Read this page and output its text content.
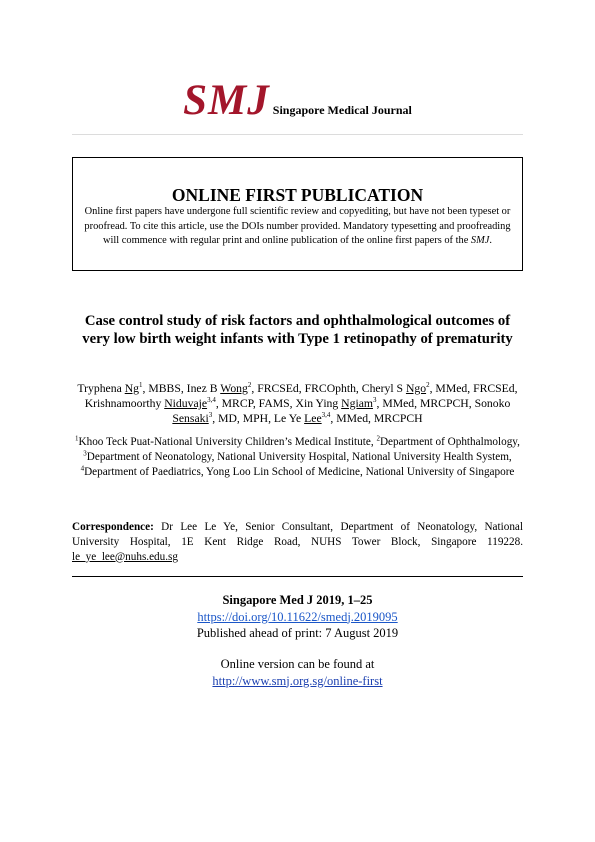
SMJ Singapore Medical Journal
ONLINE FIRST PUBLICATION
Online first papers have undergone full scientific review and copyediting, but have not been typeset or proofread. To cite this article, use the DOIs number provided. Mandatory typesetting and proofreading will commence with regular print and online publication of the online first papers of the SMJ.
Case control study of risk factors and ophthalmological outcomes of very low birth weight infants with Type 1 retinopathy of prematurity
Tryphena Ng$^1$, MBBS, Inez B Wong$^2$, FRCSEd, FRCOphth, Cheryl S Ngo$^2$, MMed, FRCSEd, Krishnamoorthy Niduvaje$^{3,4}$, MRCP, FAMS, Xin Ying Ngiam$^3$, MMed, MRCPCH, Sonoko Sensaki$^3$, MD, MPH, Le Ye Lee$^{3,4}$, MMed, MRCPCH
$^1$Khoo Teck Puat-National University Children’s Medical Institute, $^2$Department of Ophthalmology, $^3$Department of Neonatology, National University Hospital, National University Health System, $^4$Department of Paediatrics, Yong Loo Lin School of Medicine, National University of Singapore
Correspondence: Dr Lee Le Ye, Senior Consultant, Department of Neonatology, National University Hospital, 1E Kent Ridge Road, NUHS Tower Block, Singapore 119228. le_ye_lee@nuhs.edu.sg
Singapore Med J 2019, 1–25
https://doi.org/10.11622/smedj.2019095
Published ahead of print: 7 August 2019
Online version can be found at
http://www.smj.org.sg/online-first
